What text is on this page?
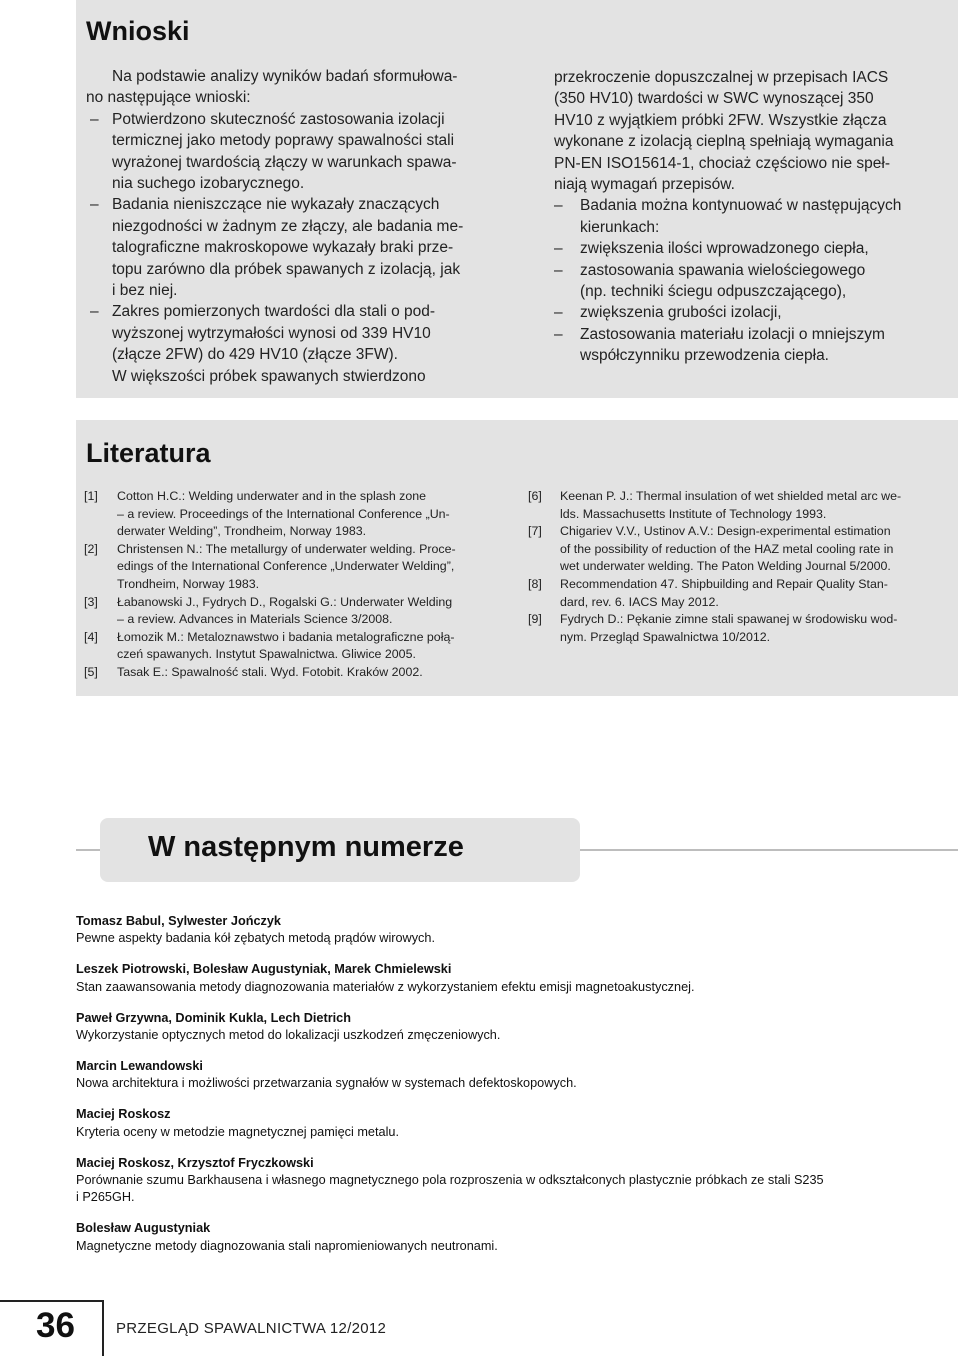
Wnioski

Na podstawie analizy wyników badań sformułowa-
no następujące wnioski:

– Potwierdzono skuteczność zastosowania izolacji
termicznej jako metody poprawy spawalności stali
wyrażonej twardością złączy w warunkach spawa-
nia suchego izobarycznego.

– Badania nieniszczące nie wykazały znaczących
niezgodności w żadnym ze złączy, ale badania me-
talograficzne makroskopowe wykazały braki prze-
topu zarówno dla próbek spawanych z izolacją, jak
i bez niej.

– Zakres pomierzonych twardości dla stali o pod-
wyższonej wytrzymałości wynosi od 339 HV10
(złącze 2FW) do 429 HV10 (złącze 3FW).
W większości próbek spawanych stwierdzono

przekroczenie dopuszczalnej w przepisach IACS
(350 HV10) twardości w SWC wynoszącej 350
HV10 z wyjątkiem próbki 2FW. Wszystkie złącza
wykonane z izolacją cieplną spełniają wymagania
PN-EN ISO15614-1, chociaż częściowo nie speł-
niają wymagań przepisów.

– Badania można kontynuować w następujących
kierunkach:

– zwiększenia ilości wprowadzonego ciepła,

– zastosowania spawania wielościegowego
(np. techniki ściegu odpuszczającego),

– zwiększenia grubości izolacji,

– Zastosowania materiału izolacji o mniejszym
współczynniku przewodzenia ciepła.

Literatura

[1] Cotton H.C.: Welding underwater and in the splash zone
– a review. Proceedings of the International Conference „Un-
derwater Welding”, Trondheim, Norway 1983.

[2] Christensen N.: The metallurgy of underwater welding. Proce-
edings of the International Conference „Underwater Welding”,
Trondheim, Norway 1983.

[3] Łabanowski J., Fydrych D., Rogalski G.: Underwater Welding
– a review. Advances in Materials Science 3/2008.

[4] Łomozik M.: Metaloznawstwo i badania metalograficzne połą-
czeń spawanych. Instytut Spawalnictwa. Gliwice 2005.

[5] Tasak E.: Spawalność stali. Wyd. Fotobit. Kraków 2002.

[6] Keenan P. J.: Thermal insulation of wet shielded metal arc we-
lds. Massachusetts Institute of Technology 1993.

[7] Chigariev V.V., Ustinov A.V.: Design-experimental estimation
of the possibility of reduction of the HAZ metal cooling rate in
wet underwater welding. The Paton Welding Journal 5/2000.

[8] Recommendation 47. Shipbuilding and Repair Quality Stan-
dard, rev. 6. IACS May 2012.

[9] Fydrych D.: Pękanie zimne stali spawanej w środowisku wod-
nym. Przegląd Spawalnictwa 10/2012.

W następnym numerze
Tomasz Babul, Sylwester Jończyk
Pewne aspekty badania kół zębatych metodą prądów wirowych.
Leszek Piotrowski, Bolesław Augustyniak, Marek Chmielewski
Stan zaawansowania metody diagnozowania materiałów z wykorzystaniem efektu emisji magnetoakustycznej.
Paweł Grzywna, Dominik Kukla, Lech Dietrich
Wykorzystanie optycznych metod do lokalizacji uszkodzeń zmęczeniowych.
Marcin Lewandowski
Nowa architektura i możliwości przetwarzania sygnałów w systemach defektoskopowych.
Maciej Roskosz
Kryteria oceny w metodzie magnetycznej pamięci metalu.
Maciej Roskosz, Krzysztof Fryczkowski
Porównanie szumu Barkhausena i własnego magnetycznego pola rozproszenia w odkształconych plastycznie próbkach ze stali S235
i P265GH.
Bolesław Augustyniak
Magnetyczne metody diagnozowania stali napromieniowanych neutronami.
36	PRZEGLĄD SPAWALNICTWA 12/2012
